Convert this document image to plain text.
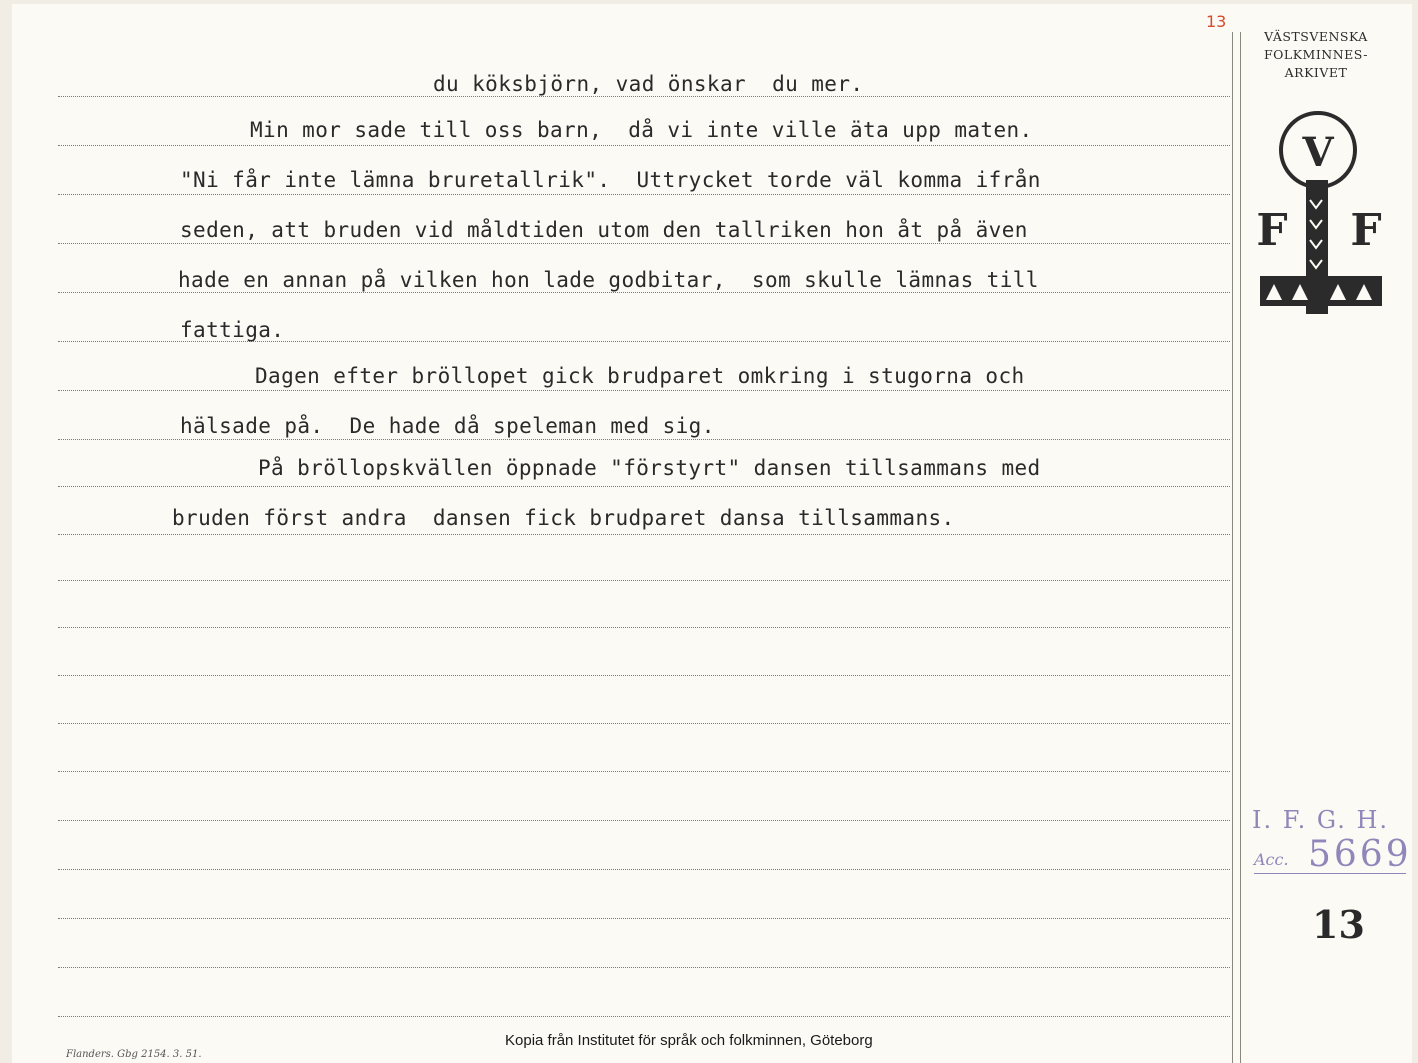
13
du köksbjörn, vad önskar  du mer.
Min mor sade till oss barn,  då vi inte ville äta upp maten.
"Ni får inte lämna bruretallrik".  Uttrycket torde väl komma ifrån
seden, att bruden vid måldtiden utom den tallriken hon åt på även
hade en annan på vilken hon lade godbitar,  som skulle lämnas till
fattiga.
Dagen efter bröllopet gick brudparet omkring i stugorna och
hälsade på.  De hade då speleman med sig.
På bröllopskvällen öppnade "förstyrt" dansen tillsammans med
bruden först andra  dansen fick brudparet dansa tillsammans.
VÄSTSVENSKA
FOLKMINNES-
ARKIVET
V
F F
I. F. G. H.
Acc. 5669
13
Kopia från Institutet för språk och folkminnen, Göteborg
Flanders. Gbg 2154. 3. 51.
